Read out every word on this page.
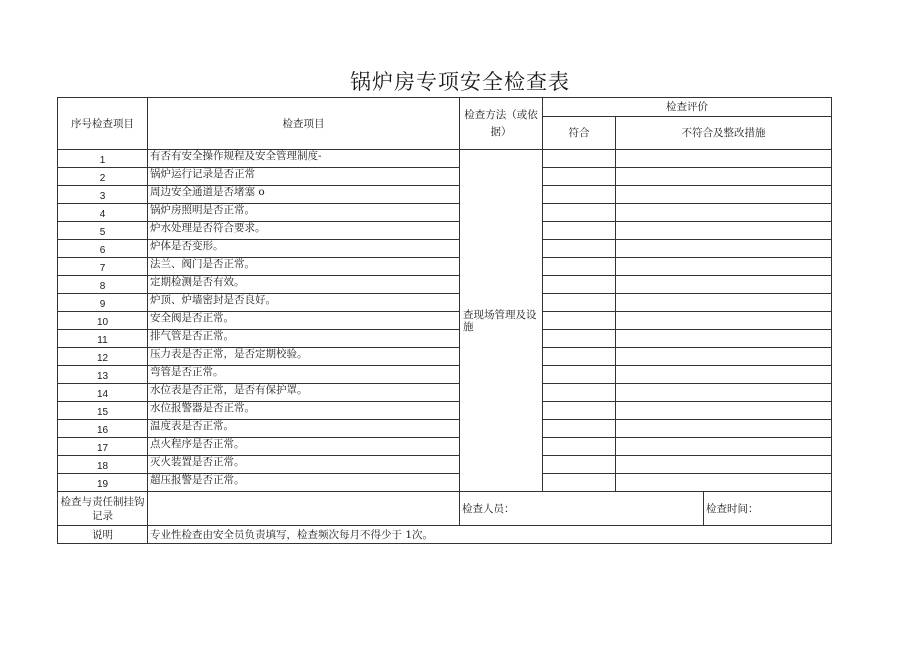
锅炉房专项安全检查表
序号检查项目	检查项目	检查方法（或依据）	检查评价		
			符合	不符合及整改措施	
1	有否有安全操作规程及安全管理制度-	查现场管理及设施			
2	锅炉运行记录是否正常				
3	周边安全通道是否堵塞 o				
4	锅炉房照明是否正常。				
5	炉水处理是否符合要求。				
6	炉体是否变形。				
7	法兰、阀门是否正常。				
8	定期检测是否有效。				
9	炉顶、炉墙密封是否良好。				
10	安全阀是否正常。				
11	排气管是否正常。				
12	压力表是否正常，是否定期校验。				
13	弯管是否正常。				
14	水位表是否正常，是否有保护罩。				
15	水位报警器是否正常。				
16	温度表是否正常。				
17	点火程序是否正常。				
18	灭火装置是否正常。				
19	超压报警是否正常。				
检查与责任制挂钩记录		检查人员：			检查时间：
说明	专业性检查由安全员负责填写，检查频次每月不得少于 1次。				
